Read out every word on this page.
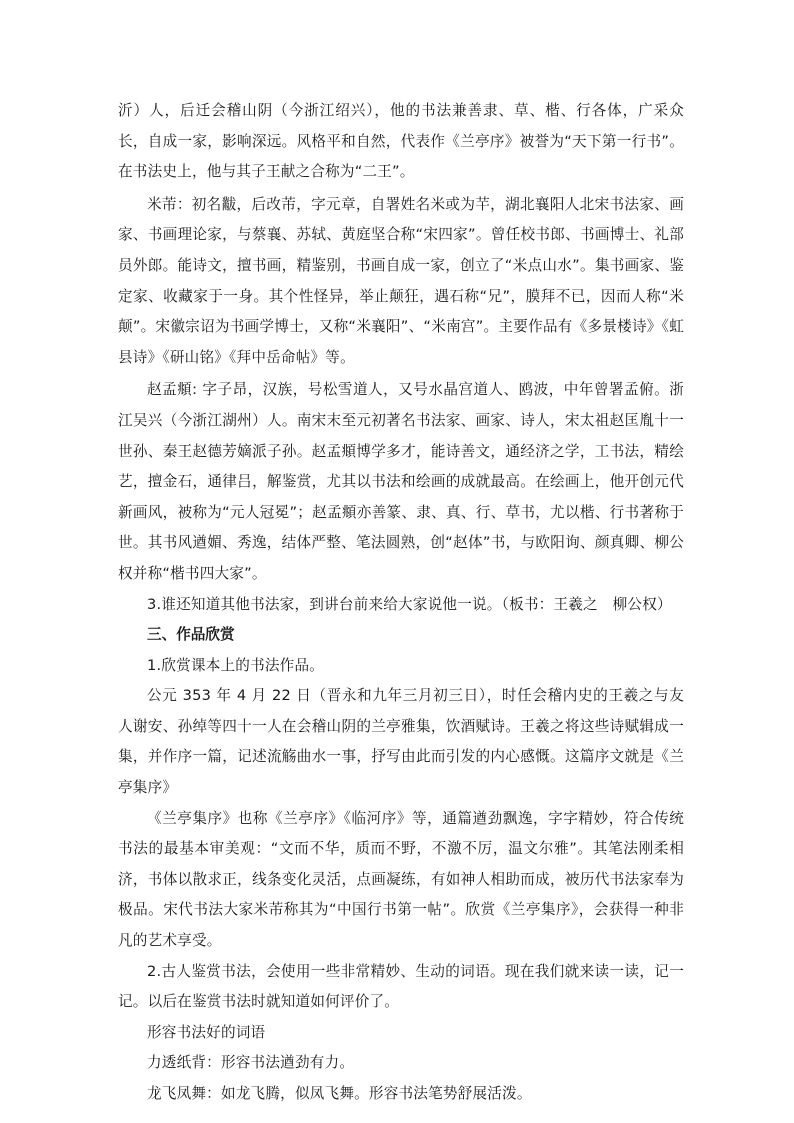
沂）人，后迁会稽山阴（今浙江绍兴），他的书法兼善隶、草、楷、行各体，广采众长，自成一家，影响深远。风格平和自然，代表作《兰亭序》被誉为“天下第一行书”。在书法史上，他与其子王献之合称为“二王”。

米芾：初名黻，后改芾，字元章，自署姓名米或为芉，湖北襄阳人北宋书法家、画家、书画理论家，与蔡襄、苏轼、黄庭坚合称“宋四家”。曾任校书郎、书画博士、礼部员外郎。能诗文，擅书画，精鉴别，书画自成一家，创立了“米点山水”。集书画家、鉴定家、收藏家于一身。其个性怪异，举止颠狂，遇石称“兄”，膜拜不已，因而人称“米颠”。宋徽宗诏为书画学博士，又称“米襄阳”、“米南宫”。主要作品有《多景楼诗》《虹县诗》《研山铭》《拜中岳命帖》等。

赵孟頫: 字子昂，汉族，号松雪道人，又号水晶宫道人、鸥波，中年曾署孟俯。浙江吴兴（今浙江湖州）人。南宋末至元初著名书法家、画家、诗人，宋太祖赵匡胤十一世孙、秦王赵德芳嫡派子孙。赵孟頫博学多才，能诗善文，通经济之学，工书法，精绘艺，擅金石，通律吕，解鉴赏，尤其以书法和绘画的成就最高。在绘画上，他开创元代新画风，被称为“元人冠冕”；赵孟頫亦善篆、隶、真、行、草书，尤以楷、行书著称于世。其书风遒媚、秀逸，结体严整、笔法圆熟，创“赵体”书，与欧阳询、颜真卿、柳公权并称“楷书四大家”。

3.谁还知道其他书法家，到讲台前来给大家说他一说。（板书：王羲之　柳公权）

三、作品欣赏

1.欣赏课本上的书法作品。

公元 353 年 4 月 22 日（晋永和九年三月初三日），时任会稽内史的王羲之与友人谢安、孙绰等四十一人在会稽山阴的兰亭雅集，饮酒赋诗。王羲之将这些诗赋辑成一集，并作序一篇，记述流觞曲水一事，抒写由此而引发的内心感慨。这篇序文就是《兰亭集序》

《兰亭集序》也称《兰亭序》《临河序》等，通篇遒劲飘逸，字字精妙，符合传统书法的最基本审美观：“文而不华，质而不野，不激不厉，温文尔雅”。其笔法刚柔相济，书体以散求正，线条变化灵活，点画凝练，有如神人相助而成，被历代书法家奉为极品。宋代书法大家米芾称其为“中国行书第一帖”。欣赏《兰亭集序》，会获得一种非凡的艺术享受。

2.古人鉴赏书法，会使用一些非常精妙、生动的词语。现在我们就来读一读，记一记。以后在鉴赏书法时就知道如何评价了。

形容书法好的词语

力透纸背：形容书法遒劲有力。

龙飞凤舞：如龙飞腾，似凤飞舞。形容书法笔势舒展活泼。
